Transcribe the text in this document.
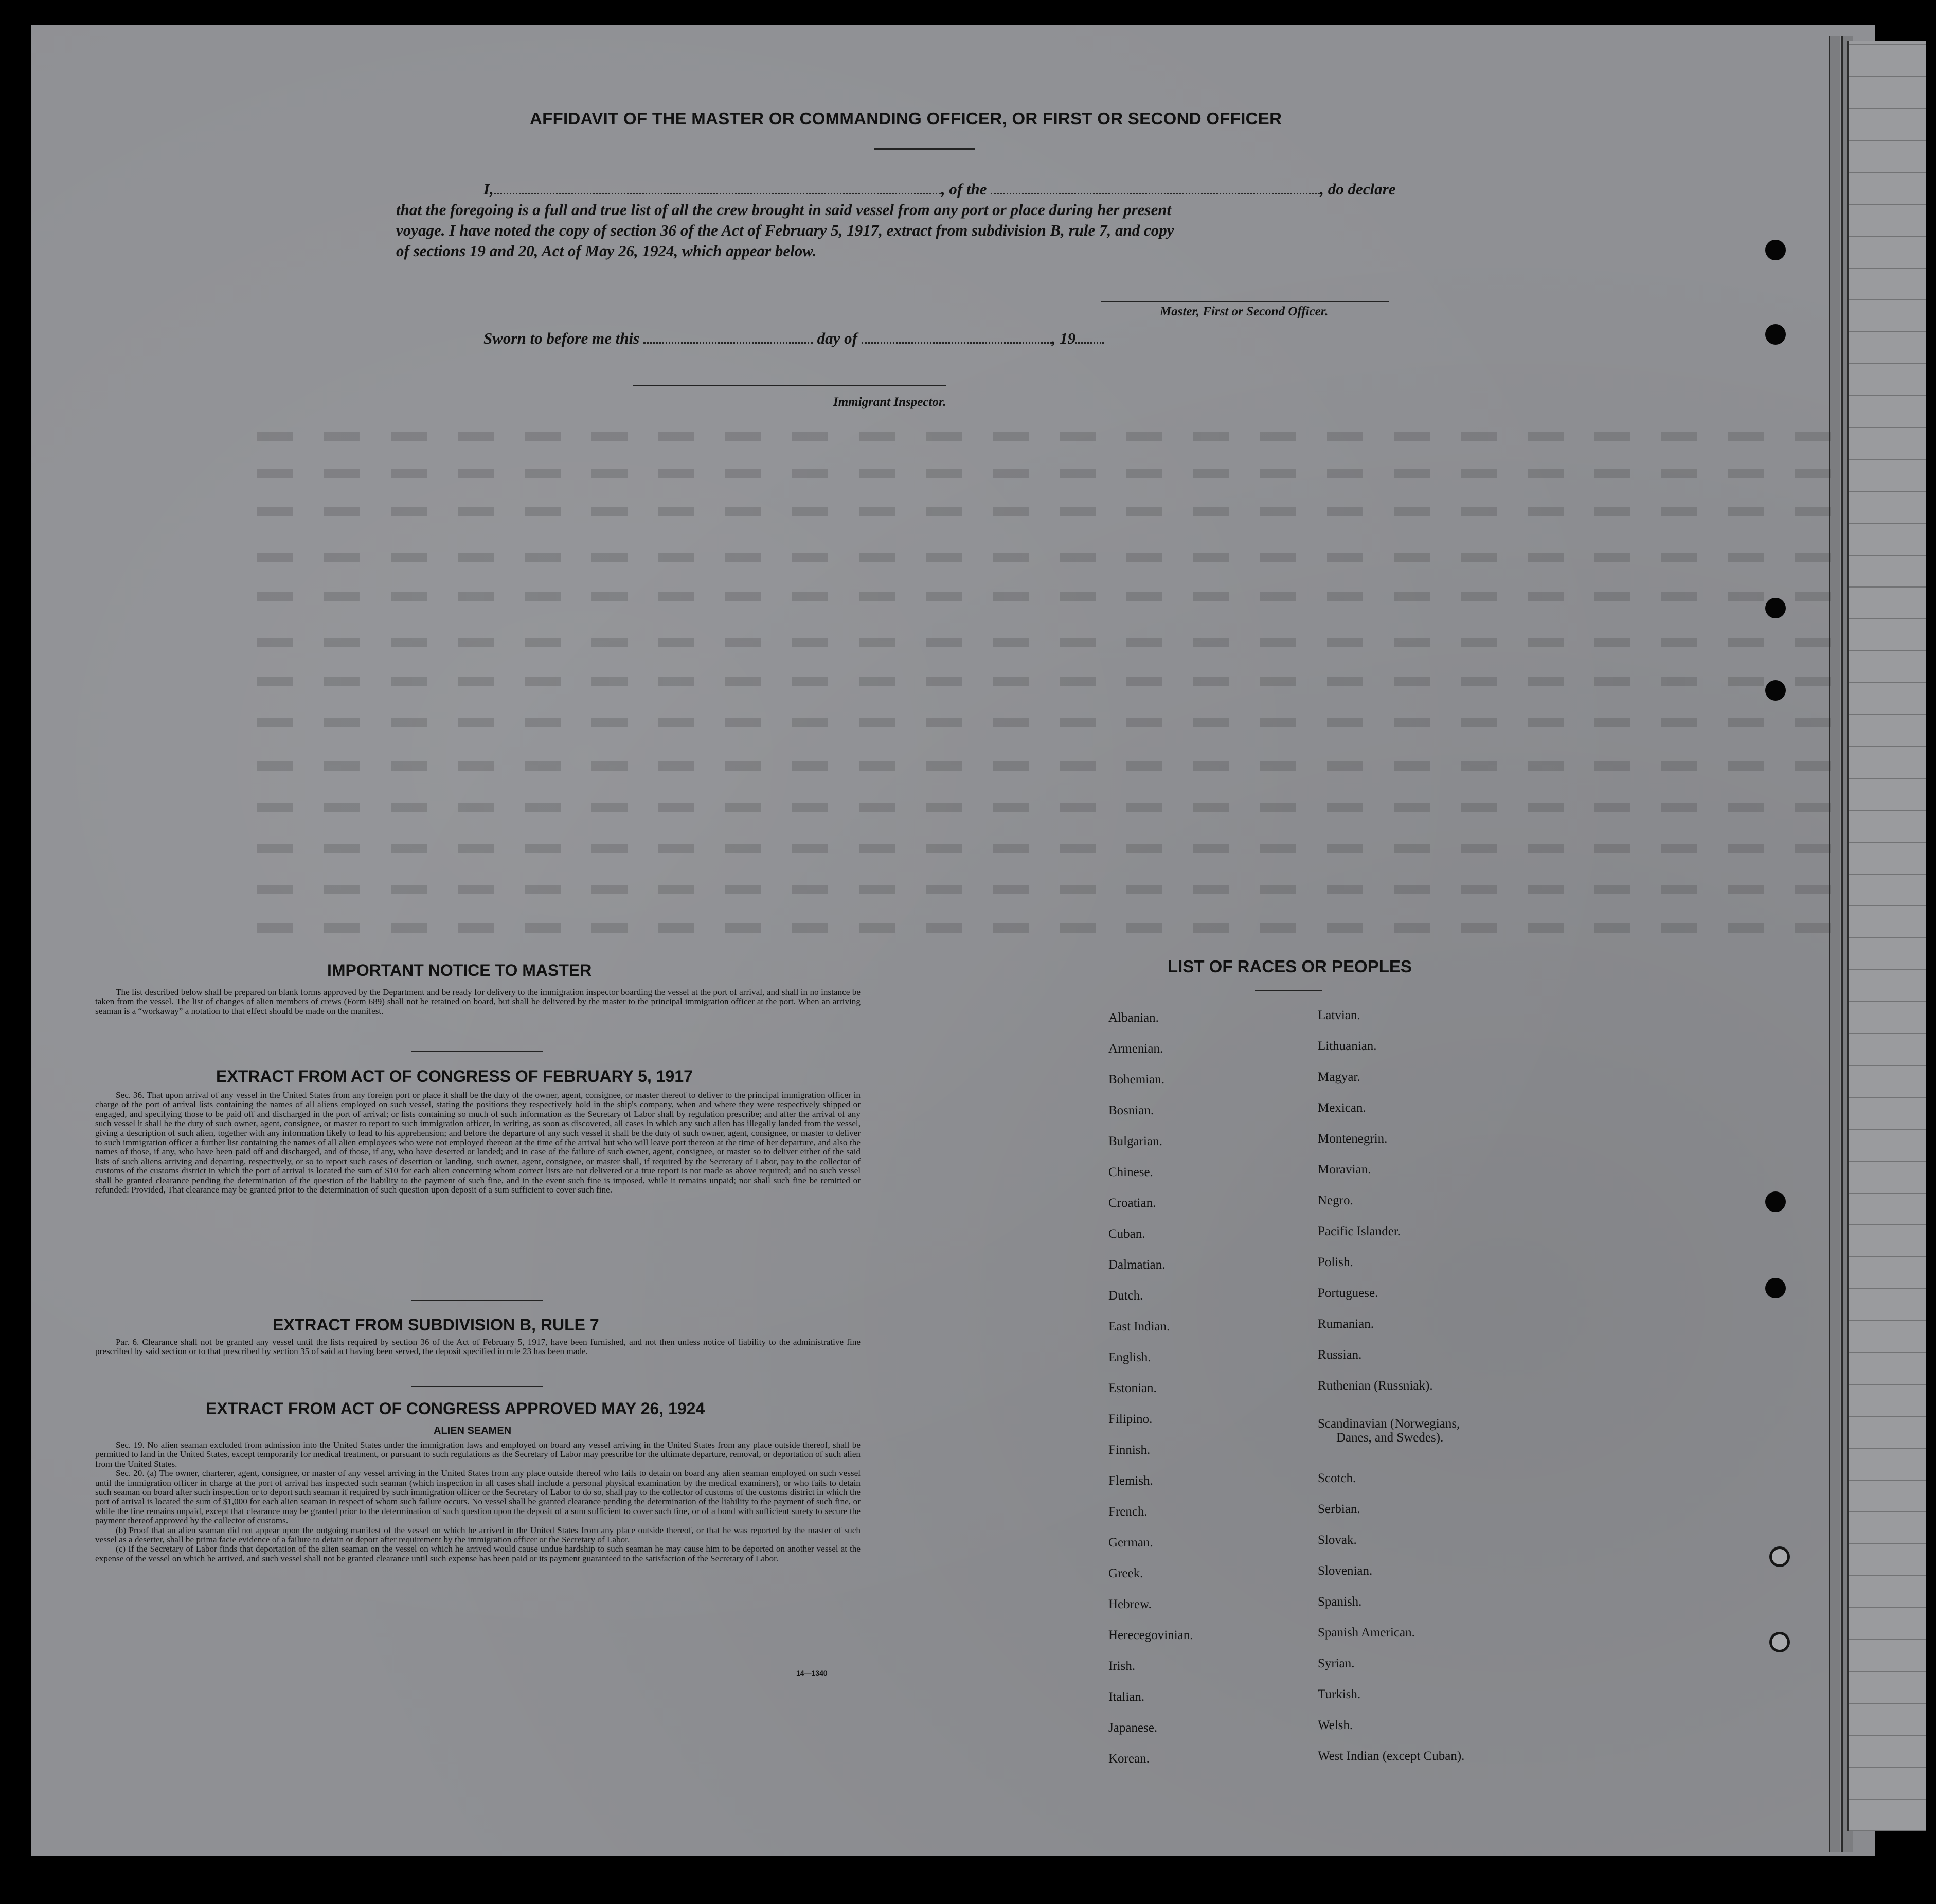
AFFIDAVIT OF THE MASTER OR COMMANDING OFFICER, OR FIRST OR SECOND OFFICER
I,	, of the	, do declare
that the foregoing is a full and true list of all the crew brought in said vessel from any port or place during her present
voyage. I have noted the copy of section 36 of the Act of February 5, 1917, extract from subdivision B, rule 7, and copy
of sections 19 and 20, Act of May 26, 1924, which appear below.
Master, First or Second Officer.
Sworn to before me this	day of	, 19
Immigrant Inspector.
IMPORTANT NOTICE TO MASTER
The list described below shall be prepared on blank forms approved by the Department and be ready for delivery to the immigration inspector boarding the vessel at the port of arrival, and shall in no instance be taken from the vessel. The list of changes of alien members of crews (Form 689) shall not be retained on board, but shall be delivered by the master to the principal immigration officer at the port. When an arriving seaman is a “workaway” a notation to that effect should be made on the manifest.
EXTRACT FROM ACT OF CONGRESS OF FEBRUARY 5, 1917
Sec. 36. That upon arrival of any vessel in the United States from any foreign port or place it shall be the duty of the owner, agent, consignee, or master thereof to deliver to the principal immigration officer in charge of the port of arrival lists containing the names of all aliens employed on such vessel, stating the positions they respectively hold in the ship's company, when and where they were respectively shipped or engaged, and specifying those to be paid off and discharged in the port of arrival; or lists containing so much of such information as the Secretary of Labor shall by regulation prescribe; and after the arrival of any such vessel it shall be the duty of such owner, agent, consignee, or master to report to such immigration officer, in writing, as soon as discovered, all cases in which any such alien has illegally landed from the vessel, giving a description of such alien, together with any information likely to lead to his apprehension; and before the departure of any such vessel it shall be the duty of such owner, agent, consignee, or master to deliver to such immigration officer a further list containing the names of all alien employees who were not employed thereon at the time of the arrival but who will leave port thereon at the time of her departure, and also the names of those, if any, who have been paid off and discharged, and of those, if any, who have deserted or landed; and in case of the failure of such owner, agent, consignee, or master so to deliver either of the said lists of such aliens arriving and departing, respectively, or so to report such cases of desertion or landing, such owner, agent, consignee, or master shall, if required by the Secretary of Labor, pay to the collector of customs of the customs district in which the port of arrival is located the sum of $10 for each alien concerning whom correct lists are not delivered or a true report is not made as above required; and no such vessel shall be granted clearance pending the determination of the question of the liability to the payment of such fine, and in the event such fine is imposed, while it remains unpaid; nor shall such fine be remitted or refunded: Provided, That clearance may be granted prior to the determination of such question upon deposit of a sum sufficient to cover such fine.
EXTRACT FROM SUBDIVISION B, RULE 7
Par. 6. Clearance shall not be granted any vessel until the lists required by section 36 of the Act of February 5, 1917, have been furnished, and not then unless notice of liability to the administrative fine prescribed by said section or to that prescribed by section 35 of said act having been served, the deposit specified in rule 23 has been made.
EXTRACT FROM ACT OF CONGRESS APPROVED MAY 26, 1924
ALIEN SEAMEN

Sec. 19. No alien seaman excluded from admission into the United States under the immigration laws and employed on board any vessel arriving in the United States from any place outside thereof, shall be permitted to land in the United States, except temporarily for medical treatment, or pursuant to such regulations as the Secretary of Labor may prescribe for the ultimate departure, removal, or deportation of such alien from the United States.

Sec. 20. (a) The owner, charterer, agent, consignee, or master of any vessel arriving in the United States from any place outside thereof who fails to detain on board any alien seaman employed on such vessel until the immigration officer in charge at the port of arrival has inspected such seaman (which inspection in all cases shall include a personal physical examination by the medical examiners), or who fails to detain such seaman on board after such inspection or to deport such seaman if required by such immigration officer or the Secretary of Labor to do so, shall pay to the collector of customs of the customs district in which the port of arrival is located the sum of $1,000 for each alien seaman in respect of whom such failure occurs. No vessel shall be granted clearance pending the determination of the liability to the payment of such fine, or while the fine remains unpaid, except that clearance may be granted prior to the determination of such question upon the deposit of a sum sufficient to cover such fine, or of a bond with sufficient surety to secure the payment thereof approved by the collector of customs.

(b) Proof that an alien seaman did not appear upon the outgoing manifest of the vessel on which he arrived in the United States from any place outside thereof, or that he was reported by the master of such vessel as a deserter, shall be prima facie evidence of a failure to detain or deport after requirement by the immigration officer or the Secretary of Labor.

(c) If the Secretary of Labor finds that deportation of the alien seaman on the vessel on which he arrived would cause undue hardship to such seaman he may cause him to be deported on another vessel at the expense of the vessel on which he arrived, and such vessel shall not be granted clearance until such expense has been paid or its payment guaranteed to the satisfaction of the Secretary of Labor.

14—1340
LIST OF RACES OR PEOPLES
Albanian.
Armenian.
Bohemian.
Bosnian.
Bulgarian.
Chinese.
Croatian.
Cuban.
Dalmatian.
Dutch.
East Indian.
English.
Estonian.
Filipino.
Finnish.
Flemish.
French.
German.
Greek.
Hebrew.
Herecegovinian.
Irish.
Italian.
Japanese.
Korean.
Latvian.
Lithuanian.
Magyar.
Mexican.
Montenegrin.
Moravian.
Negro.
Pacific Islander.
Polish.
Portuguese.
Rumanian.
Russian.
Ruthenian (Russniak).
Scandinavian (Norwegians,
Danes, and Swedes).
Scotch.
Serbian.
Slovak.
Slovenian.
Spanish.
Spanish American.
Syrian.
Turkish.
Welsh.
West Indian (except Cuban).
